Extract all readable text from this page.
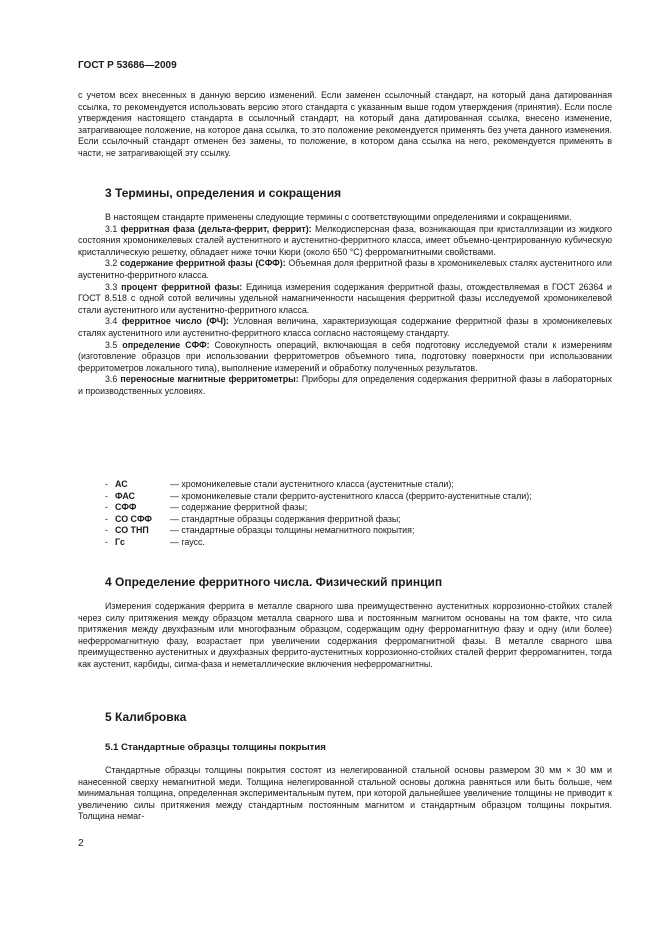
ГОСТ Р 53686—2009

с учетом всех внесенных в данную версию изменений. Если заменен ссылочный стандарт, на который дана датированная ссылка, то рекомендуется использовать версию этого стандарта с указанным выше годом утверждения (принятия). Если после утверждения настоящего стандарта в ссылочный стандарт, на который дана датированная ссылка, внесено изменение, затрагивающее положение, на которое дана ссылка, то это положение рекомендуется применять без учета данного изменения. Если ссылочный стандарт отменен без замены, то положение, в котором дана ссылка на него, рекомендуется применять в части, не затрагивающей эту ссылку.

3 Термины, определения и сокращения

В настоящем стандарте применены следующие термины с соответствующими определениями и сокращениями.

3.1 ферритная фаза (дельта-феррит, феррит): Мелкодисперсная фаза, возникающая при кристаллизации из жидкого состояния хромоникелевых сталей аустенитного и аустенитно-ферритного класса, имеет объемно-центрированную кубическую кристаллическую решетку, обладает ниже точки Кюри (около 650 °С) ферромагнитными свойствами.

3.2 содержание ферритной фазы (СФФ): Объемная доля ферритной фазы в хромоникелевых сталях аустенитного или аустенитно-ферритного класса.

3.3 процент ферритной фазы: Единица измерения содержания ферритной фазы, отождествляемая в ГОСТ 26364 и ГОСТ 8.518 с одной сотой величины удельной намагниченности насыщения ферритной фазы исследуемой хромоникелевой стали аустенитного или аустенитно-ферритного класса.

3.4 ферритное число (ФЧ): Условная величина, характеризующая содержание ферритной фазы в хромоникелевых сталях аустенитного или аустенитно-ферритного класса согласно настоящему стандарту.

3.5 определение СФФ: Совокупность операций, включающая в себя подготовку исследуемой стали к измерениям (изготовление образцов при использовании ферритометров объемного типа, подготовку поверхности при использовании ферритометров локального типа), выполнение измерений и обработку полученных результатов.

3.6 переносные магнитные ферритометры: Приборы для определения содержания ферритной фазы в лабораторных и производственных условиях.

- АС	— хромоникелевые стали аустенитного класса (аустенитные стали);
- ФАС	— хромоникелевые стали феррито-аустенитного класса (феррито-аустенитные стали);
- СФФ	— содержание ферритной фазы;
- СО СФФ	— стандартные образцы содержания ферритной фазы;
- СО ТНП	— стандартные образцы толщины немагнитного покрытия;
- Гс	— гаусс.
4 Определение ферритного числа. Физический принцип

Измерения содержания феррита в металле сварного шва преимущественно аустенитных коррозионно-стойких сталей через силу притяжения между образцом металла сварного шва и постоянным магнитом основаны на том факте, что сила притяжения между двухфазным или многофазным образцом, содержащим одну ферромагнитную фазу и одну (или более) неферромагнитную фазу, возрастает при увеличении содержания ферромагнитной фазы. В металле сварного шва преимущественно аустенитных и двухфазных феррито-аустенитных коррозионно-стойких сталей феррит ферромагнитен, тогда как аустенит, карбиды, сигма-фаза и неметаллические включения неферромагнитны.

5 Калибровка
5.1 Стандартные образцы толщины покрытия

Стандартные образцы толщины покрытия состоят из нелегированной стальной основы размером 30 мм × 30 мм и нанесенной сверху немагнитной меди. Толщина нелегированной стальной основы должна равняться или быть больше, чем минимальная толщина, определенная экспериментальным путем, при которой дальнейшее увеличение толщины не приводит к увеличению силы притяжения между стандартным постоянным магнитом и стандартным образцом толщины покрытия. Толщина немаг-

2
